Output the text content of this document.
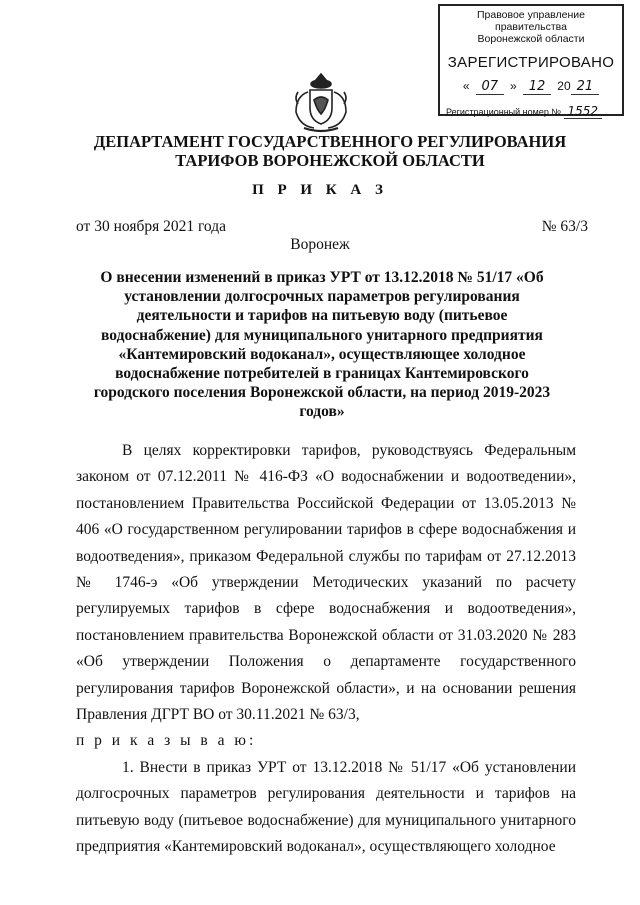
Правовое управление правительства
Воронежской области
ЗАРЕГИСТРИРОВАНО
« 07	» 12	20 21
Регистрационный номер № 1552
ДЕПАРТАМЕНТ ГОСУДАРСТВЕННОГО РЕГУЛИРОВАНИЯ ТАРИФОВ ВОРОНЕЖСКОЙ ОБЛАСТИ
П Р И К А З
от 30 ноября 2021 года	№ 63/3
Воронеж
О внесении изменений в приказ УРТ от 13.12.2018 № 51/17 «Об установлении долгосрочных параметров регулирования деятельности и тарифов на питьевую воду (питьевое водоснабжение) для муниципального унитарного предприятия «Кантемировский водоканал», осуществляющее холодное водоснабжение потребителей в границах Кантемировского городского поселения Воронежской области, на период 2019-2023 годов»

В целях корректировки тарифов, руководствуясь Федеральным законом от 07.12.2011 № 416-ФЗ «О водоснабжении и водоотведении», постановлением Правительства Российской Федерации от 13.05.2013 № 406 «О государственном регулировании тарифов в сфере водоснабжения и водоотведения», приказом Федеральной службы по тарифам от 27.12.2013 № 1746-э «Об утверждении Методических указаний по расчету регулируемых тарифов в сфере водоснабжения и водоотведения», постановлением правительства Воронежской области от 31.03.2020 № 283 «Об утверждении Положения о департаменте государственного регулирования тарифов Воронежской области», и на основании решения Правления ДГРТ ВО от 30.11.2021 № 63/3,

п р и к а з ы в а ю:

1. Внести в приказ УРТ от 13.12.2018 № 51/17 «Об установлении долгосрочных параметров регулирования деятельности и тарифов на питьевую воду (питьевое водоснабжение) для муниципального унитарного предприятия «Кантемировский водоканал», осуществляющего холодное
